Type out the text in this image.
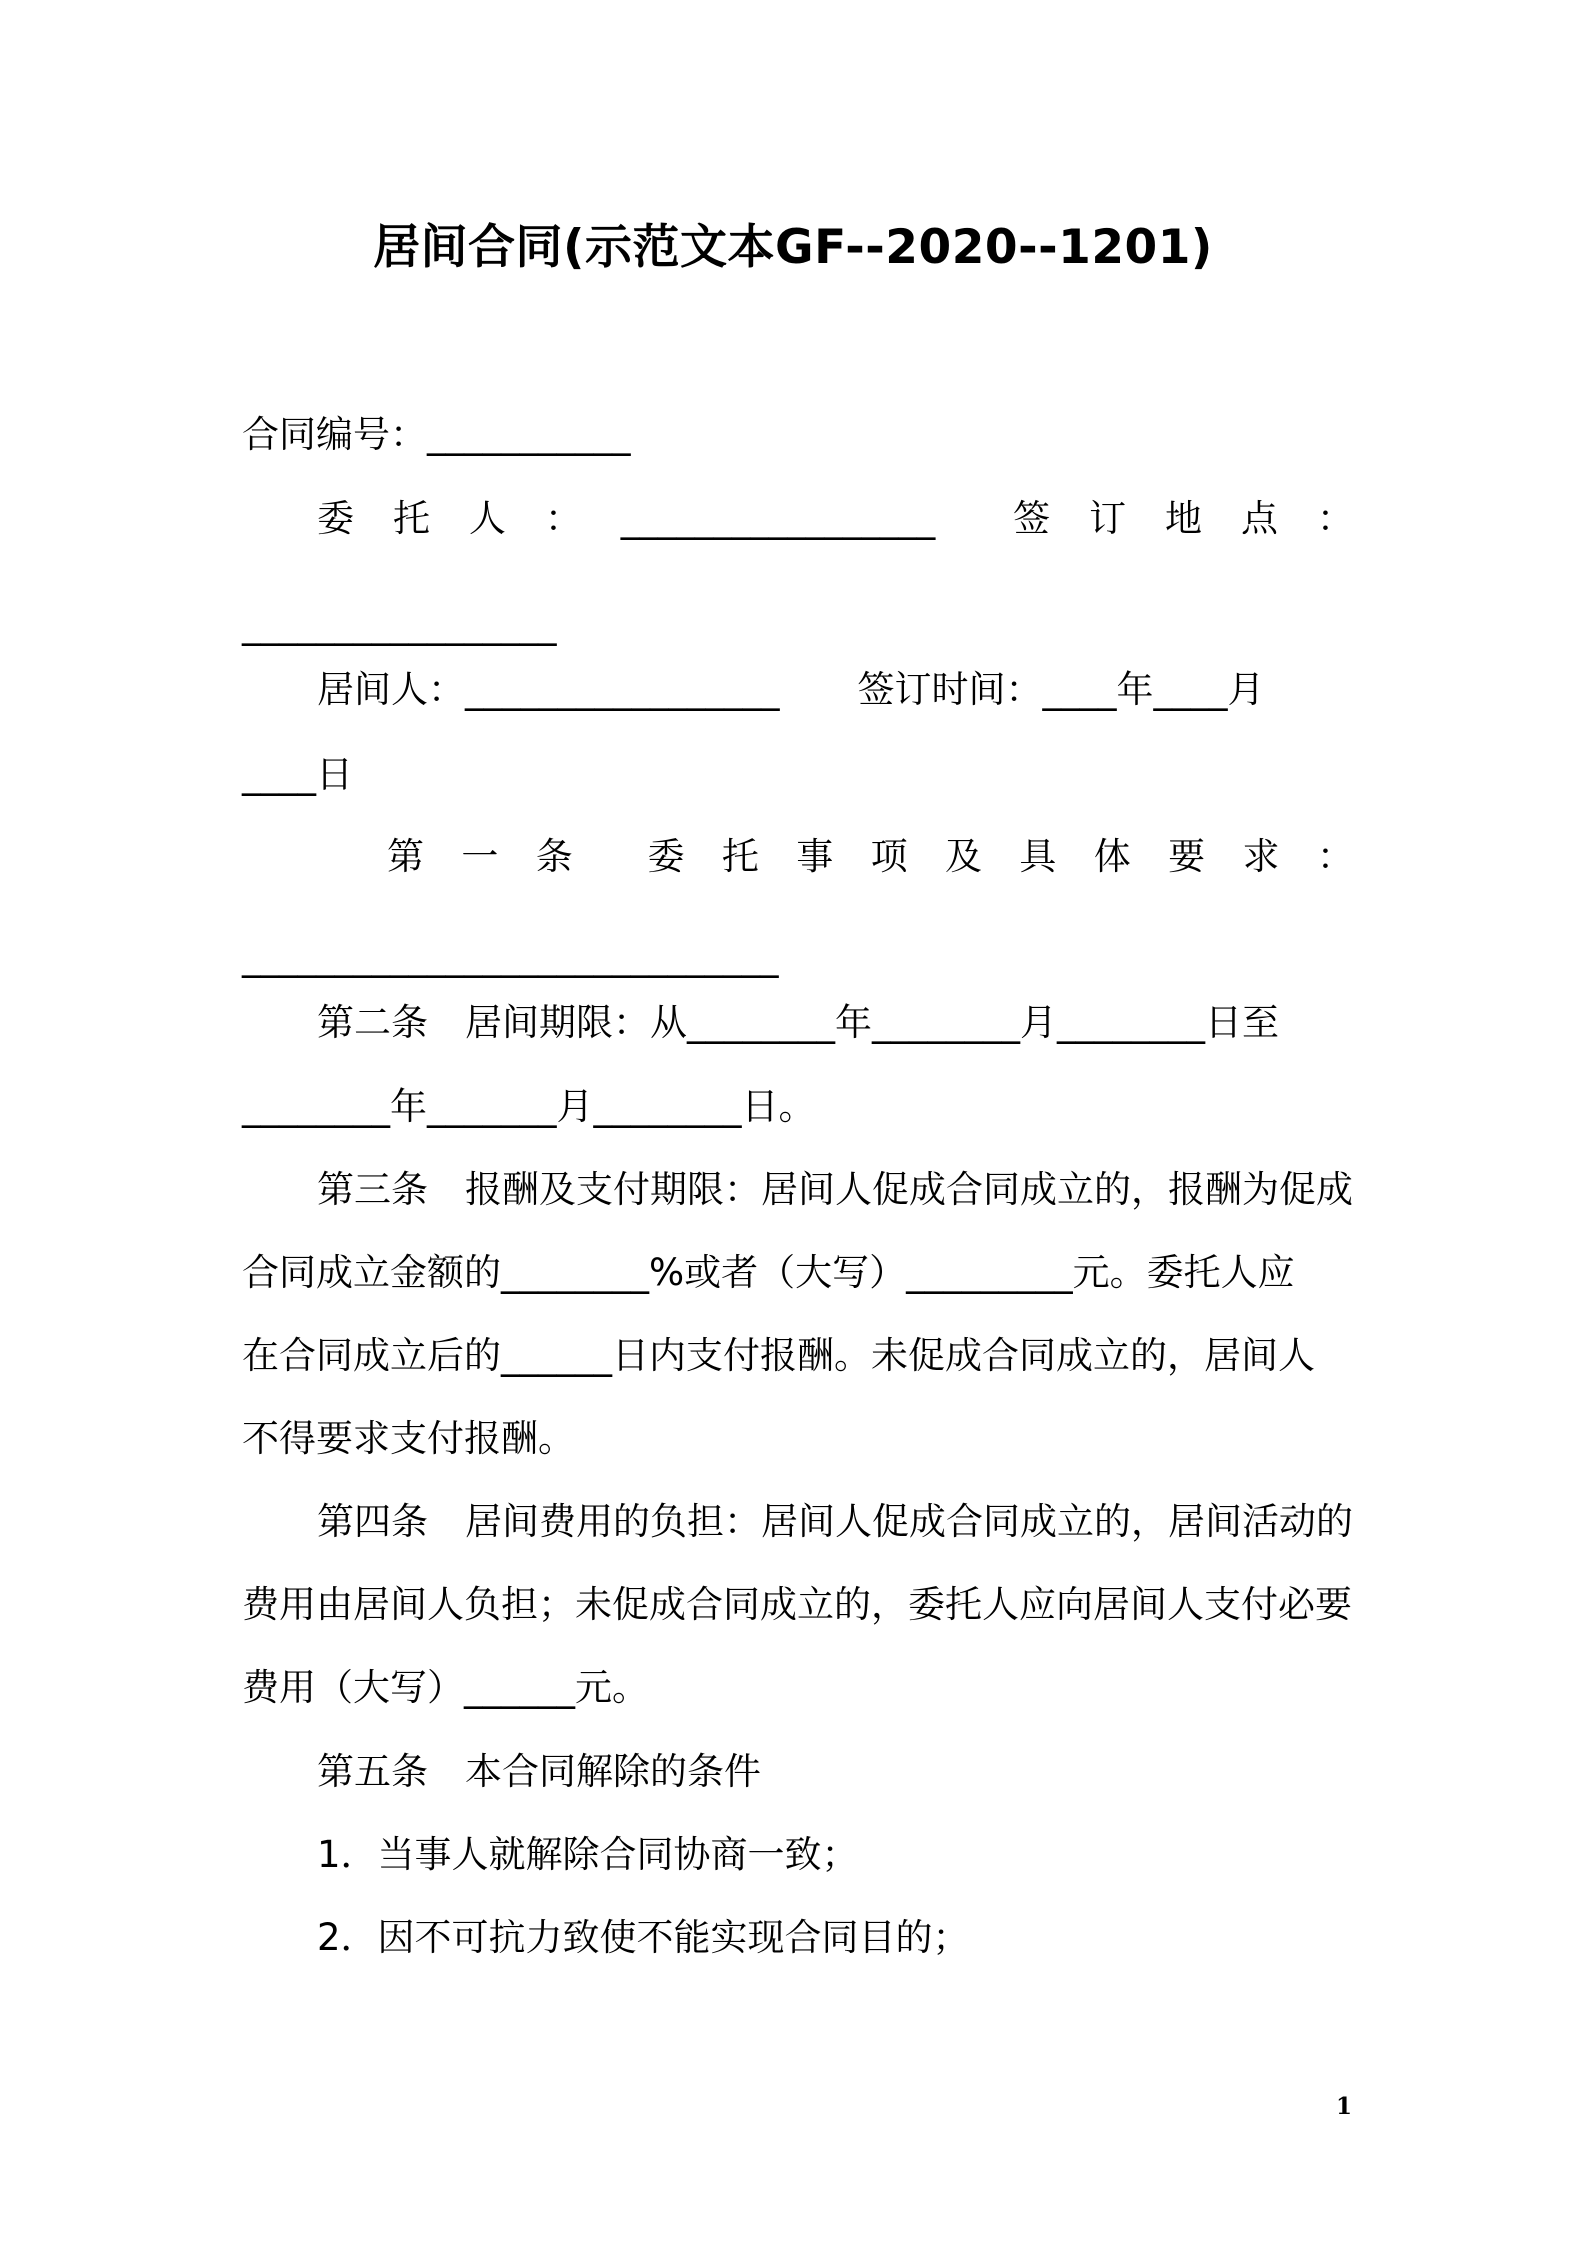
居间合同(示范文本GF--2020--1201)
合同编号：___________
委 托 人 ： _________________ 签 订 地 点 ：
_________________
居间人：_________________ 签订时间：____年____月
____日
第 一 条 委 托 事 项 及 具 体 要 求 ：
_____________________________
第二条　居间期限：从________年________月________日至
________年_______月________日。
第三条　报酬及支付期限：居间人促成合同成立的，报酬为促成
合同成立金额的________%或者（大写）_________元。委托人应
在合同成立后的______日内支付报酬。未促成合同成立的，居间人
不得要求支付报酬。
第四条　居间费用的负担：居间人促成合同成立的，居间活动的
费用由居间人负担；未促成合同成立的，委托人应向居间人支付必要
费用（大写）______元。
第五条　本合同解除的条件
1．当事人就解除合同协商一致；
2．因不可抗力致使不能实现合同目的；
1
